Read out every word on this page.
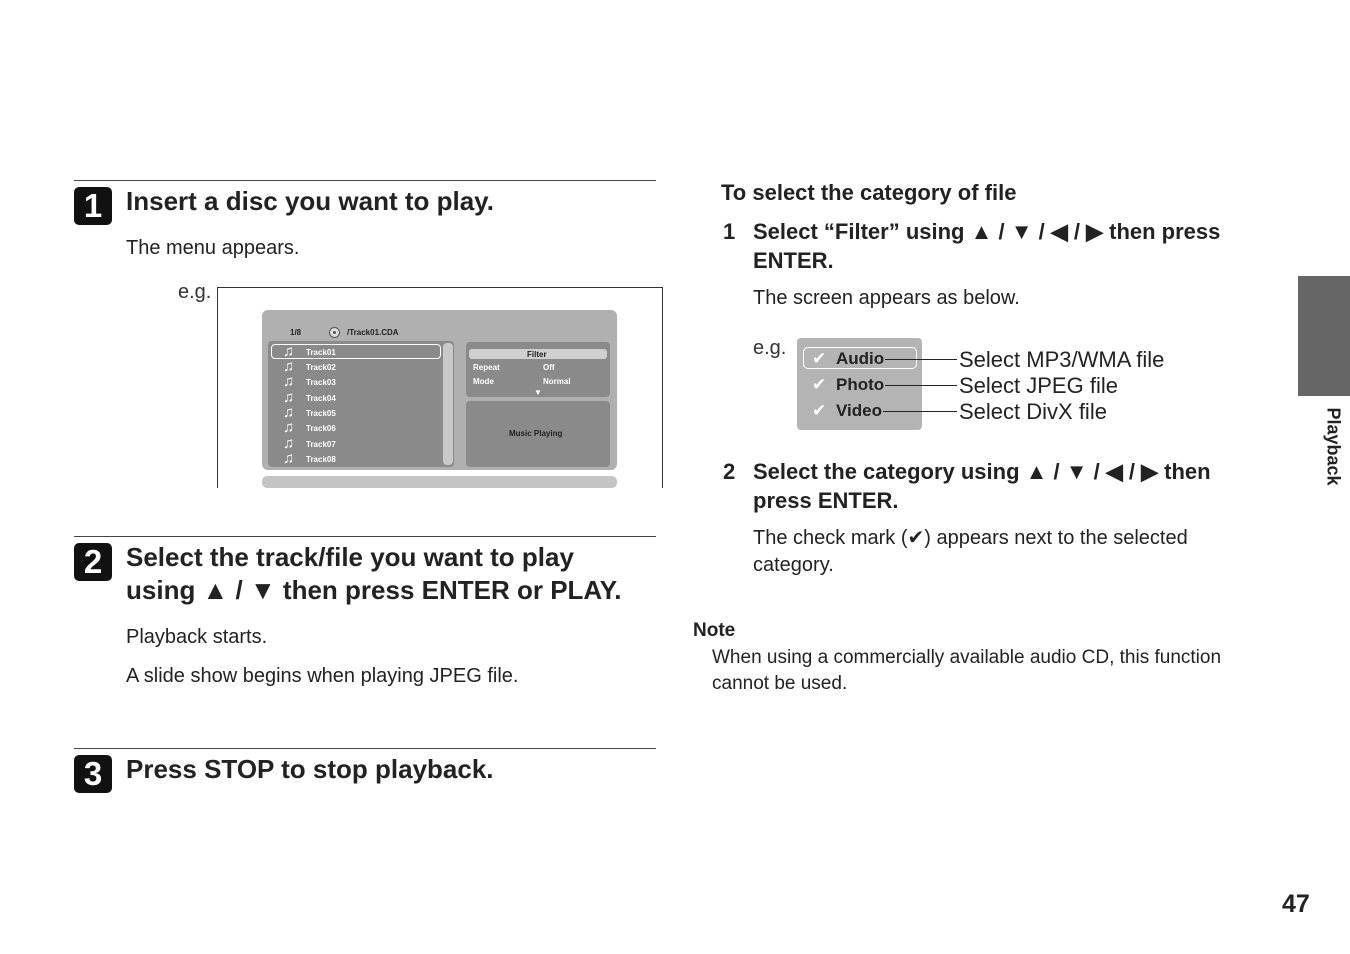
1 Insert a disc you want to play.
The menu appears.
e.g.
1/8	/Track01.CDA
♫ Track01
♫ Track02
♫ Track03
♫ Track04
♫ Track05
♫ Track06
♫ Track07
♫ Track08
Filter
Repeat	Off
Mode	Normal
▼
Music Playing
2 Select the track/file you want to play
using ▲ / ▼ then press ENTER or PLAY.
Playback starts.
A slide show begins when playing JPEG file.
3 Press STOP to stop playback.
To select the category of file
1 Select “Filter” using ▲ / ▼ / ◀ / ▶ then press
ENTER.
The screen appears as below.
e.g. ✔ Audio	Select MP3/WMA file
✔ Photo	Select JPEG file
✔ Video	Select DivX file
2 Select the category using ▲ / ▼ / ◀ / ▶ then
press ENTER.
The check mark (✔) appears next to the selected
category.
Note
When using a commercially available audio CD, this function
cannot be used.
Playback
47
